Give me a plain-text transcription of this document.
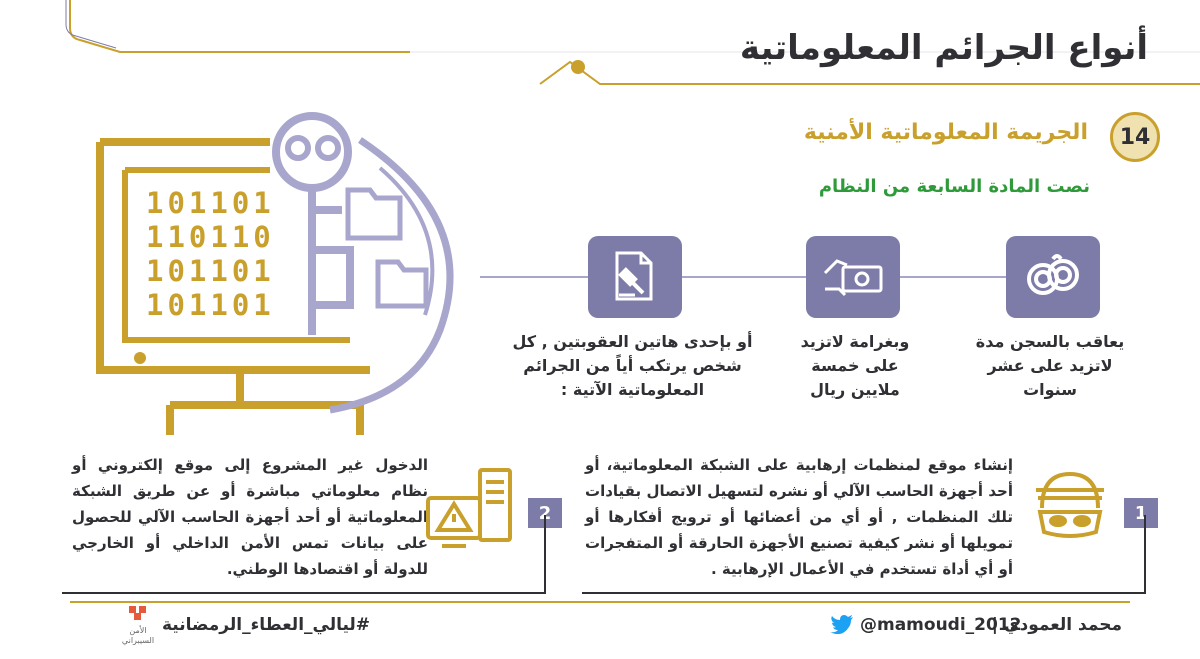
أنواع الجرائم المعلوماتية
14
الجريمة المعلوماتية الأمنية
نصت المادة السابعة من النظام
101101
110110
101101
101101
يعاقب بالسجن مدة لاتزيد على عشر سنوات
وبغرامة لاتزيد على خمسة ملايين ريال
أو بإحدى هاتين العقوبتين , كل شخص يرتكب أياً من الجرائم المعلوماتية الآتية :
إنشاء موقع لمنظمات إرهابية على الشبكة المعلوماتية، أو أحد أجهزة الحاسب الآلي أو نشره لتسهيل الاتصال بقيادات تلك المنظمات , أو أي من أعضائها أو ترويج أفكارها أو تمويلها أو نشر كيفية تصنيع الأجهزة الحارقة أو المتفجرات أو أي أداة تستخدم في الأعمال الإرهابية .
1
الدخول غير المشروع إلى موقع إلكتروني أو نظام معلوماتي مباشرة أو عن طريق الشبكة المعلوماتية أو أحد أجهزة الحاسب الآلي للحصول على بيانات تمس الأمن الداخلي أو الخارجي للدولة أو اقتصادها الوطني.
2
الأمن السيبراني
#ليالي_العطاء_الرمضانية	@mamoudi_2012
محمد العمودي |
